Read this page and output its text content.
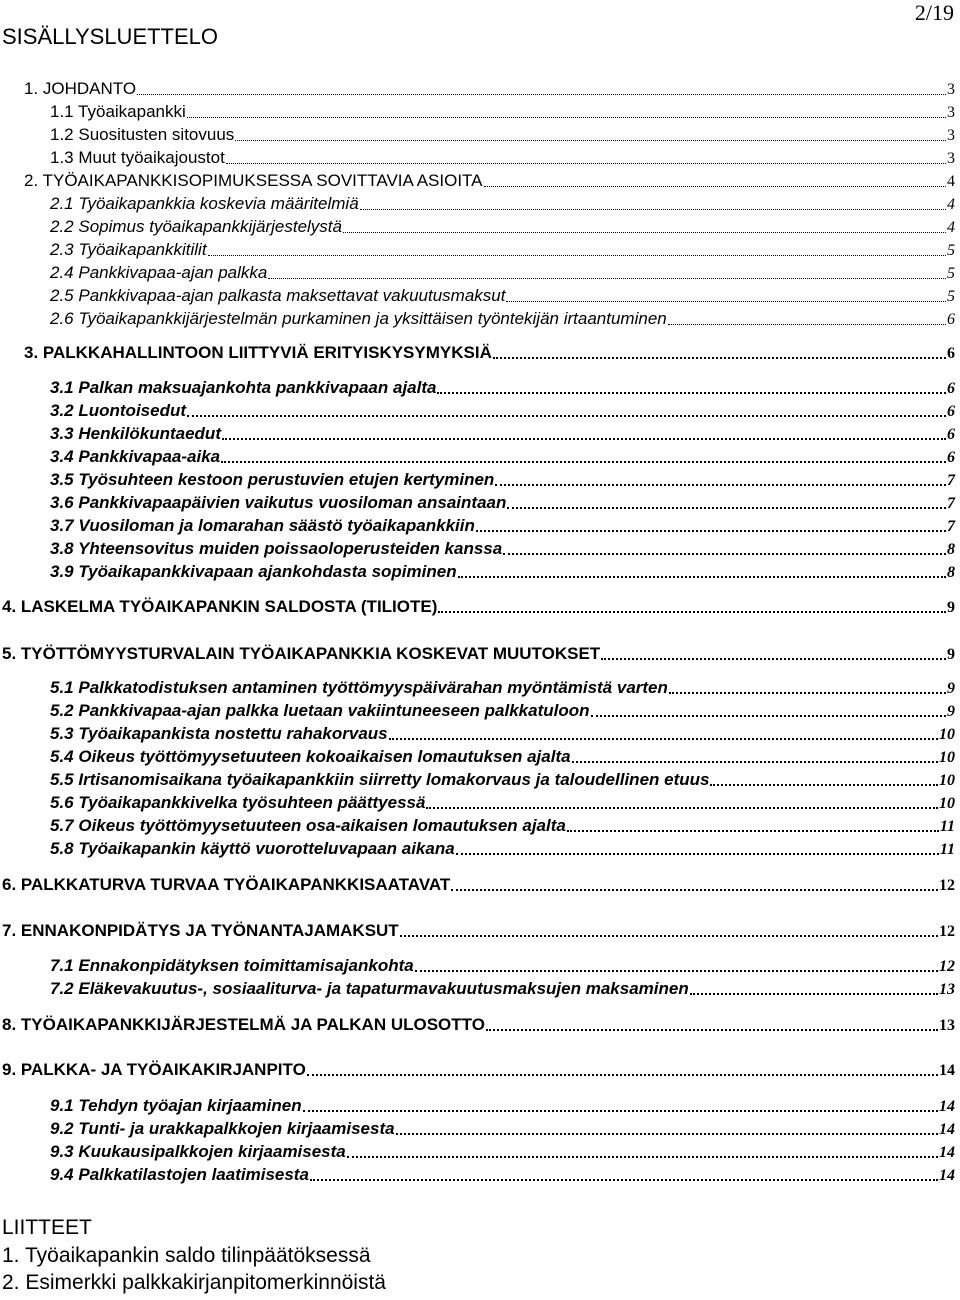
2/19
SISÄLLYSLUETTELO
1. JOHDANTO	3
1.1 Työaikapankki	3
1.2 Suositusten sitovuus	3
1.3 Muut työaikajoustot	3
2. TYÖAIKAPANKKISOPIMUKSESSA SOVITTAVIA ASIOITA	4
2.1 Työaikapankkia koskevia määritelmiä	4
2.2 Sopimus työaikapankkijärjestelystä	4
2.3 Työaikapankkitilit	5
2.4 Pankkivapaa-ajan palkka	5
2.5 Pankkivapaa-ajan palkasta maksettavat vakuutusmaksut	5
2.6 Työaikapankkijärjestelmän purkaminen ja yksittäisen työntekijän irtaantuminen	6
3. PALKKAHALLINTOON LIITTYVIÄ ERITYISKYSYMYKSIÄ	6
3.1 Palkan maksuajankohta pankkivapaan ajalta	6
3.2 Luontoisedut	6
3.3 Henkilökuntaedut	6
3.4 Pankkivapaa-aika	6
3.5 Työsuhteen kestoon perustuvien etujen kertyminen	7
3.6 Pankkivapaapäivien vaikutus vuosiloman ansaintaan	7
3.7 Vuosiloman ja lomarahan säästö työaikapankkiin	7
3.8 Yhteensovitus muiden poissaoloperusteiden kanssa	8
3.9 Työaikapankkivapaan ajankohdasta sopiminen	8
4. LASKELMA TYÖAIKAPANKIN SALDOSTA (TILIOTE)	9
5. TYÖTTÖMYYSTURVALAIN TYÖAIKAPANKKIA KOSKEVAT MUUTOKSET	9
5.1 Palkkatodistuksen antaminen työttömyyspäivärahan myöntämistä varten	9
5.2 Pankkivapaa-ajan palkka luetaan vakiintuneeseen palkkatuloon	9
5.3 Työaikapankista nostettu rahakorvaus	10
5.4 Oikeus työttömyysetuuteen kokoaikaisen lomautuksen ajalta	10
5.5 Irtisanomisaikana työaikapankkiin siirretty lomakorvaus ja taloudellinen etuus	10
5.6 Työaikapankkivelka työsuhteen päättyessä	10
5.7 Oikeus työttömyysetuuteen osa-aikaisen lomautuksen ajalta	11
5.8 Työaikapankin käyttö vuorotteluvapaan aikana	11
6. PALKKATURVA TURVAA TYÖAIKAPANKKISAATAVAT	12
7. ENNAKONPIDÄTYS JA TYÖNANTAJAMAKSUT	12
7.1 Ennakonpidätyksen toimittamisajankohta	12
7.2 Eläkevakuutus-, sosiaaliturva- ja tapaturmavakuutusmaksujen maksaminen	13
8. TYÖAIKAPANKKIJÄRJESTELMÄ JA PALKAN ULOSOTTO	13
9. PALKKA- JA TYÖAIKAKIRJANPITO	14
9.1 Tehdyn työajan kirjaaminen	14
9.2 Tunti- ja urakkapalkkojen kirjaamisesta	14
9.3 Kuukausipalkkojen kirjaamisesta	14
9.4 Palkkatilastojen laatimisesta	14
LIITTEET
1. Työaikapankin saldo tilinpäätöksessä
2. Esimerkki palkkakirjanpitomerkinnöistä
